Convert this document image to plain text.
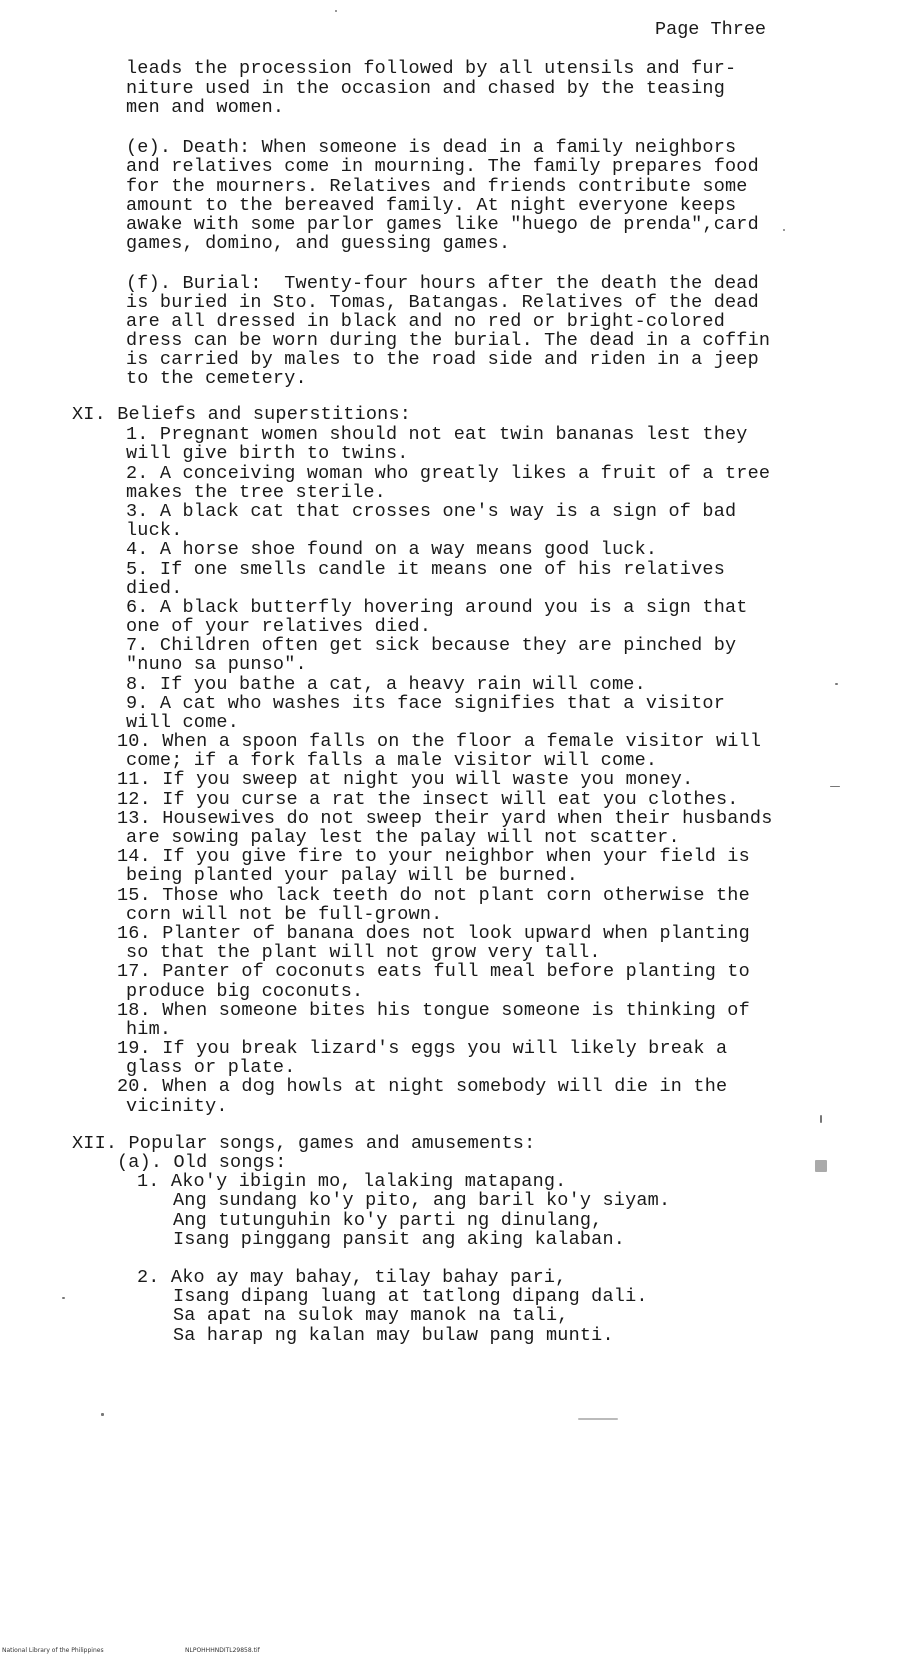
Page Three
leads the procession followed by all utensils and fur-
niture used in the occasion and chased by the teasing
men and women.
(e). Death: When someone is dead in a family neighbors
and relatives come in mourning. The family prepares food
for the mourners. Relatives and friends contribute some
amount to the bereaved family. At night everyone keeps
awake with some parlor games like "huego de prenda",card
games, domino, and guessing games.
(f). Burial:  Twenty-four hours after the death the dead
is buried in Sto. Tomas, Batangas. Relatives of the dead
are all dressed in black and no red or bright-colored
dress can be worn during the burial. The dead in a coffin
is carried by males to the road side and riden in a jeep
to the cemetery.
XI. Beliefs and superstitions:
1. Pregnant women should not eat twin bananas lest they
will give birth to twins.
2. A conceiving woman who greatly likes a fruit of a tree
makes the tree sterile.
3. A black cat that crosses one's way is a sign of bad
luck.
4. A horse shoe found on a way means good luck.
5. If one smells candle it means one of his relatives
died.
6. A black butterfly hovering around you is a sign that
one of your relatives died.
7. Children often get sick because they are pinched by
"nuno sa punso".
8. If you bathe a cat, a heavy rain will come.
9. A cat who washes its face signifies that a visitor
will come.
10. When a spoon falls on the floor a female visitor will
come; if a fork falls a male visitor will come.
11. If you sweep at night you will waste you money.
12. If you curse a rat the insect will eat you clothes.
13. Housewives do not sweep their yard when their husbands
are sowing palay lest the palay will not scatter.
14. If you give fire to your neighbor when your field is
being planted your palay will be burned.
15. Those who lack teeth do not plant corn otherwise the
corn will not be full-grown.
16. Planter of banana does not look upward when planting
so that the plant will not grow very tall.
17. Panter of coconuts eats full meal before planting to
produce big coconuts.
18. When someone bites his tongue someone is thinking of
him.
19. If you break lizard's eggs you will likely break a
glass or plate.
20. When a dog howls at night somebody will die in the
vicinity.
XII. Popular songs, games and amusements:
(a). Old songs:
1. Ako'y ibigin mo, lalaking matapang.
Ang sundang ko'y pito, ang baril ko'y siyam.
Ang tutunguhin ko'y parti ng dinulang,
Isang pinggang pansit ang aking kalaban.
2. Ako ay may bahay, tilay bahay pari,
Isang dipang luang at tatlong dipang dali.
Sa apat na sulok may manok na tali,
Sa harap ng kalan may bulaw pang munti.
National Library of the Philippines	NLPOHHHNDITL29858.tif
